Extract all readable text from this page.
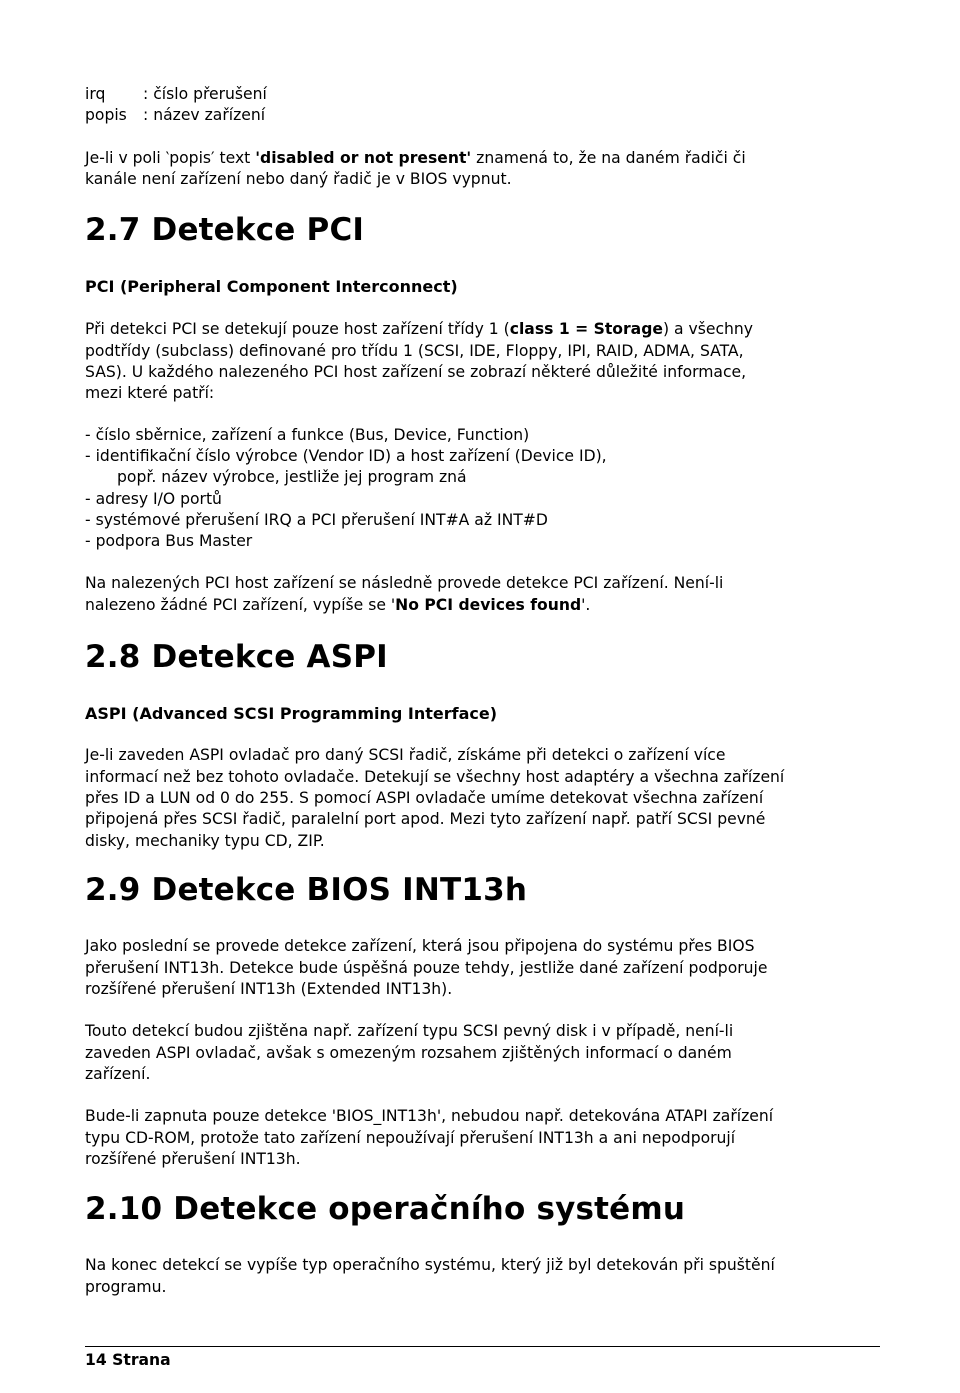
irq : číslo přerušení
popis : název zařízení
Je-li v poli ‵popis′ text 'disabled or not present' znamená to, že na daném řadiči či
kanále není zařízení nebo daný řadič je v BIOS vypnut.
2.7 Detekce PCI
PCI (Peripheral Component Interconnect)
Při detekci PCI se detekují pouze host zařízení třídy 1 (class 1 = Storage) a všechny
podtřídy (subclass) definované pro třídu 1 (SCSI, IDE, Floppy, IPI, RAID, ADMA, SATA,
SAS). U každého nalezeného PCI host zařízení se zobrazí některé důležité informace,
mezi které patří:
- číslo sběrnice, zařízení a funkce (Bus, Device, Function)
- identifikační číslo výrobce (Vendor ID) a host zařízení (Device ID),
popř. název výrobce, jestliže jej program zná
- adresy I/O portů
- systémové přerušení IRQ a PCI přerušení INT#A až INT#D
- podpora Bus Master
Na nalezených PCI host zařízení se následně provede detekce PCI zařízení. Není-li
nalezeno žádné PCI zařízení, vypíše se 'No PCI devices found'.
2.8 Detekce ASPI
ASPI (Advanced SCSI Programming Interface)
Je-li zaveden ASPI ovladač pro daný SCSI řadič, získáme při detekci o zařízení více
informací než bez tohoto ovladače. Detekují se všechny host adaptéry a všechna zařízení
přes ID a LUN od 0 do 255. S pomocí ASPI ovladače umíme detekovat všechna zařízení
připojená přes SCSI řadič, paralelní port apod. Mezi tyto zařízení např. patří SCSI pevné
disky, mechaniky typu CD, ZIP.
2.9 Detekce BIOS INT13h
Jako poslední se provede detekce zařízení, která jsou připojena do systému přes BIOS
přerušení INT13h. Detekce bude úspěšná pouze tehdy, jestliže dané zařízení podporuje
rozšířené přerušení INT13h (Extended INT13h).
Touto detekcí budou zjištěna např. zařízení typu SCSI pevný disk i v případě, není-li
zaveden ASPI ovladač, avšak s omezeným rozsahem zjištěných informací o daném
zařízení.
Bude-li zapnuta pouze detekce 'BIOS_INT13h', nebudou např. detekována ATAPI zařízení
typu CD-ROM, protože tato zařízení nepoužívají přerušení INT13h a ani nepodporují
rozšířené přerušení INT13h.
2.10 Detekce operačního systému
Na konec detekcí se vypíše typ operačního systému, který již byl detekován při spuštění
programu.
14 Strana
